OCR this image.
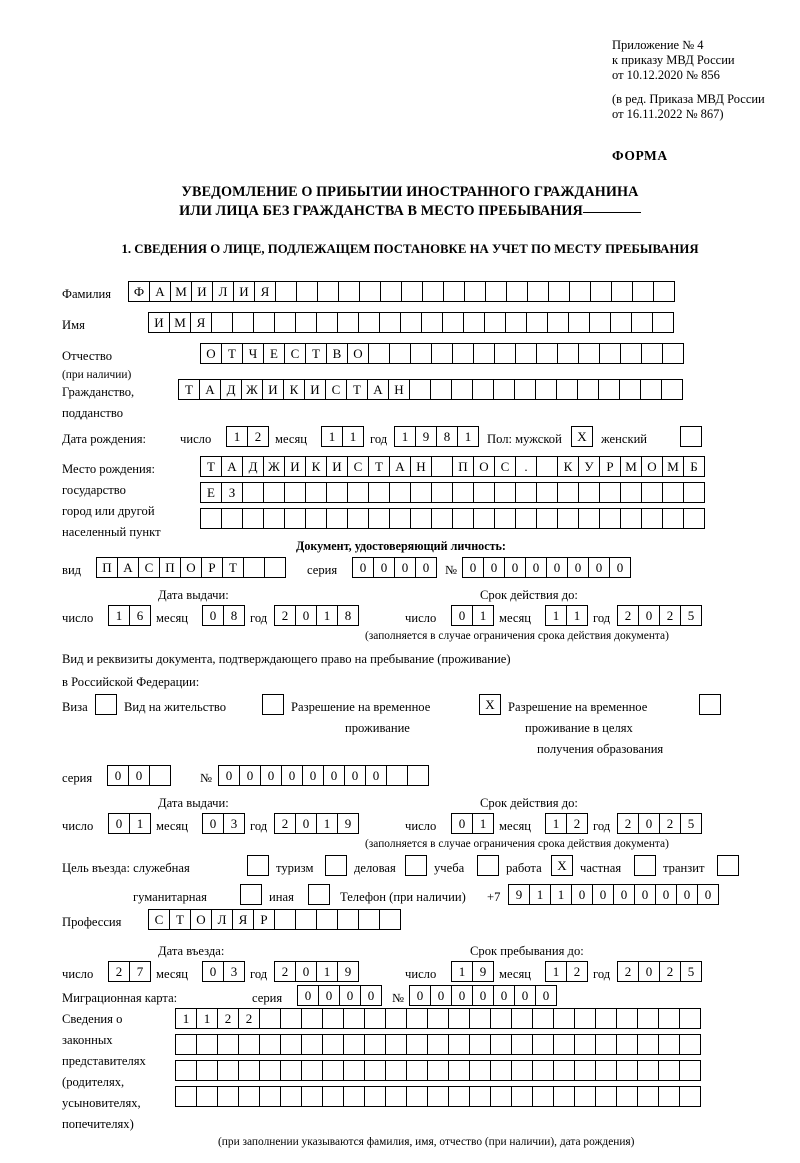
Приложение № 4
к приказу МВД России
от 10.12.2020 № 856
(в ред. Приказа МВД России
от 16.11.2022 № 867)
ФОРМА
УВЕДОМЛЕНИЕ О ПРИБЫТИИ ИНОСТРАННОГО ГРАЖДАНИНА
ИЛИ ЛИЦА БЕЗ ГРАЖДАНСТВА В МЕСТО ПРЕБЫВАНИЯ
1. СВЕДЕНИЯ О ЛИЦЕ, ПОДЛЕЖАЩЕМ ПОСТАНОВКЕ НА УЧЕТ ПО МЕСТУ ПРЕБЫВАНИЯ
Фамилия	Ф А М И Л И Я
Имя	И М Я
Отчество
(при наличии)
О Т Ч Е С Т В О
Гражданство,
подданство
Т А Д Ж И К И С Т А Н
Дата рождения:	число	1	2	месяц	1	1	год	1	9	8	1	Пол: мужской	X	женский
Место рождения:
государство
город или другой
населенный пункт
Т А Д Ж И К И С Т А Н	П О С	.	К У Р М О М Б
Е	З
Документ, удостоверяющий личность:
вид	П А С П О Р	Т	серия	0	0	0	0	№ 0	0	0	0	0	0	0	0
Дата выдачи:	Срок действия до:
число	1	6	месяц	0	8	год	2	0	1	8	число	0	1	месяц	1	1	год	2	0	2	5
(заполняется в случае ограничения срока действия документа)
Вид и реквизиты документа, подтверждающего право на пребывание (проживание)
в Российской Федерации:
Виза	Вид на жительство	Разрешение на временное
проживание
X	Разрешение на временное
проживание в целях
получения образования
серия	0	0	№	0	0	0	0	0	0	0	0
Дата выдачи:	Срок действия до:
число	0	1	месяц	0	3	год	2	0	1	9	число	0	1	месяц	1	2	год	2	0	2	5
(заполняется в случае ограничения срока действия документа)
Цель въезда: служебная	туризм	деловая	учеба	работа	X	частная	транзит
гуманитарная	иная	Телефон (при наличии) +7	9	1	1	0	0	0	0	0	0	0
Профессия	С Т О Л Я	Р
Дата въезда:	Срок пребывания до:
число	2	7	месяц	0	3	год	2	0	1	9	число	1	9	месяц	1	2	год	2	0	2	5
Миграционная карта:	серия	0	0	0	0	№ 0	0	0	0	0	0	0
Сведения о
законных
представителях
(родителях,
усыновителях,
попечителях)
1	1	2	2
(при заполнении указываются фамилия, имя, отчество (при наличии), дата рождения)
